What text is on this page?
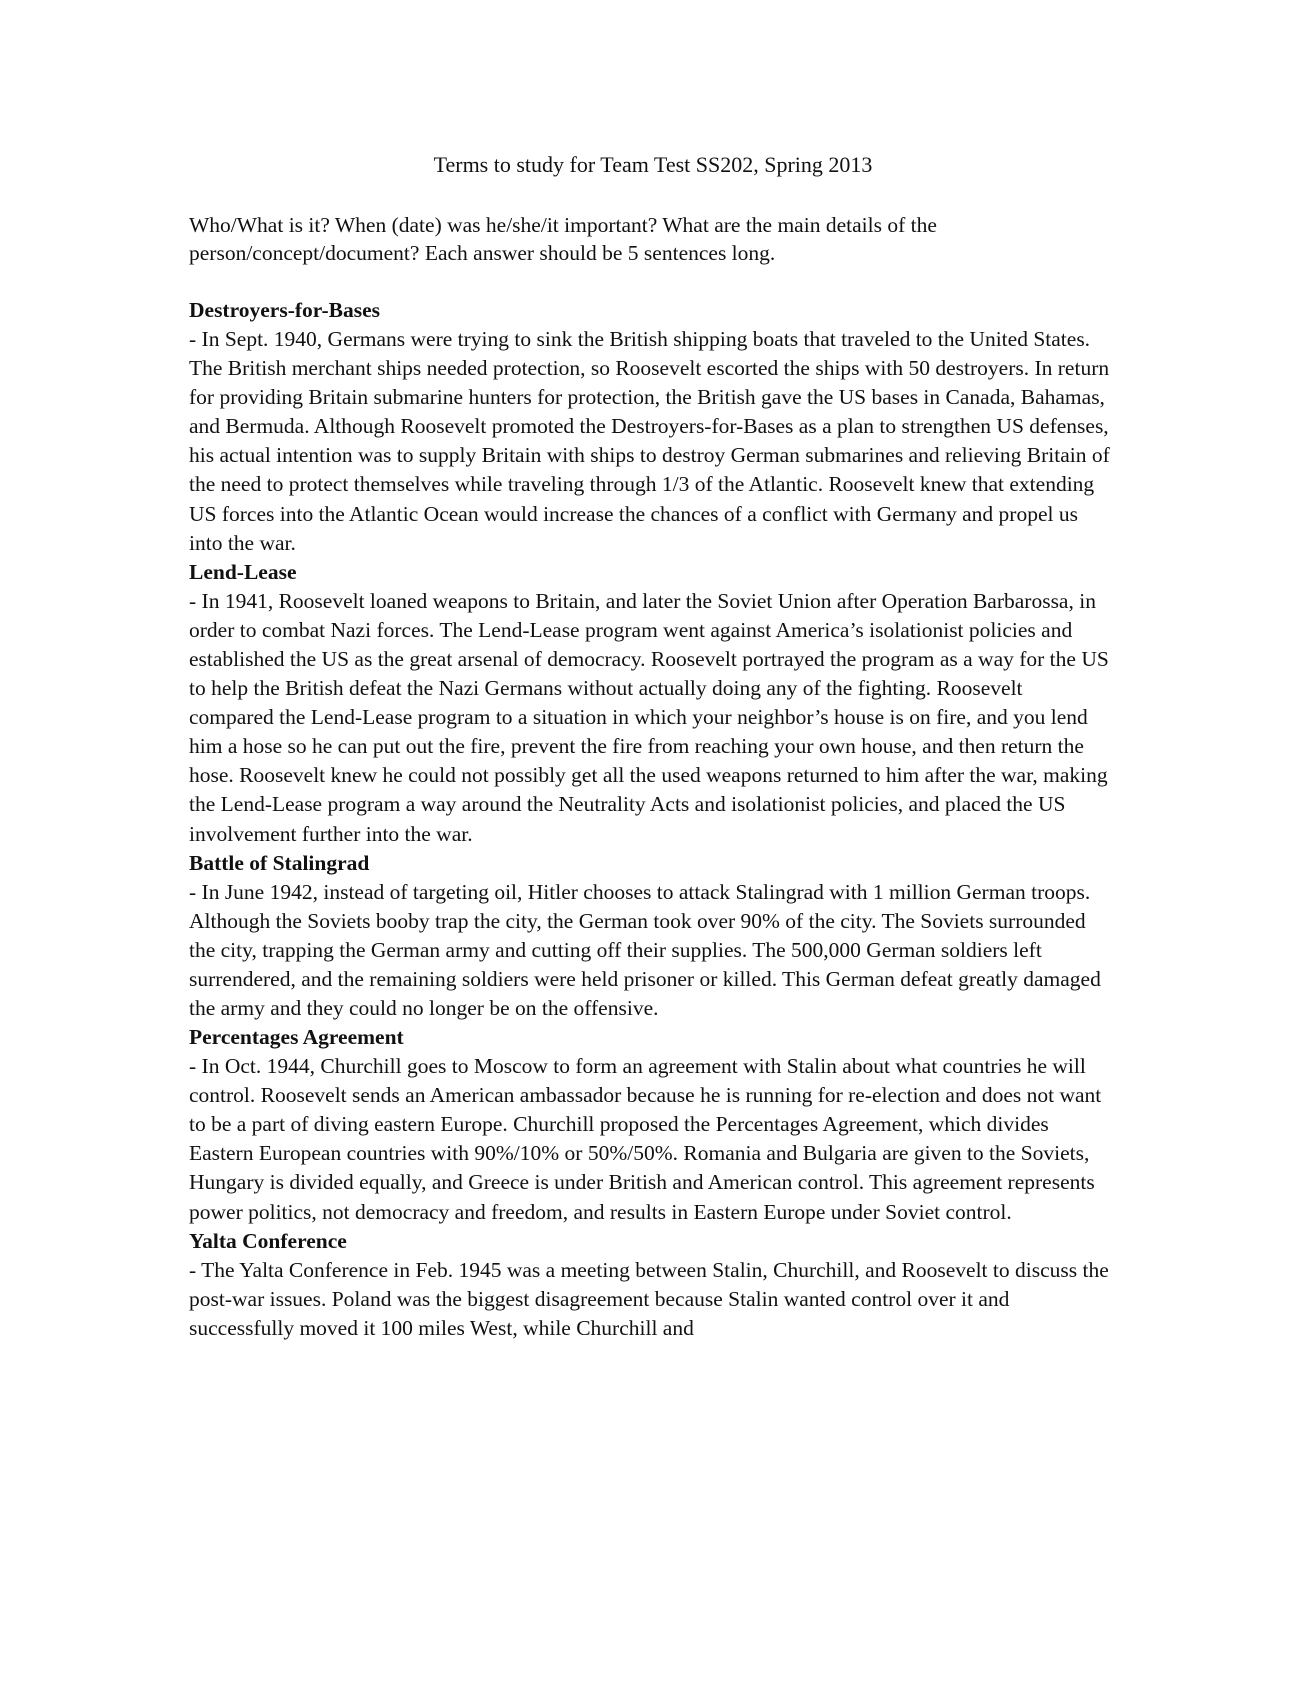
Terms to study for Team Test SS202, Spring 2013

Who/What is it? When (date) was he/she/it important? What are the main details of the person/concept/document? Each answer should be 5 sentences long.

Destroyers-for-Bases

- In Sept. 1940, Germans were trying to sink the British shipping boats that traveled to the United States. The British merchant ships needed protection, so Roosevelt escorted the ships with 50 destroyers. In return for providing Britain submarine hunters for protection, the British gave the US bases in Canada, Bahamas, and Bermuda. Although Roosevelt promoted the Destroyers-for-Bases as a plan to strengthen US defenses, his actual intention was to supply Britain with ships to destroy German submarines and relieving Britain of the need to protect themselves while traveling through 1/3 of the Atlantic. Roosevelt knew that extending US forces into the Atlantic Ocean would increase the chances of a conflict with Germany and propel us into the war.

Lend-Lease

- In 1941, Roosevelt loaned weapons to Britain, and later the Soviet Union after Operation Barbarossa, in order to combat Nazi forces. The Lend-Lease program went against America’s isolationist policies and established the US as the great arsenal of democracy. Roosevelt portrayed the program as a way for the US to help the British defeat the Nazi Germans without actually doing any of the fighting. Roosevelt compared the Lend-Lease program to a situation in which your neighbor’s house is on fire, and you lend him a hose so he can put out the fire, prevent the fire from reaching your own house, and then return the hose. Roosevelt knew he could not possibly get all the used weapons returned to him after the war, making the Lend-Lease program a way around the Neutrality Acts and isolationist policies, and placed the US involvement further into the war.

Battle of Stalingrad

- In June 1942, instead of targeting oil, Hitler chooses to attack Stalingrad with 1 million German troops. Although the Soviets booby trap the city, the German took over 90% of the city. The Soviets surrounded the city, trapping the German army and cutting off their supplies. The 500,000 German soldiers left surrendered, and the remaining soldiers were held prisoner or killed. This German defeat greatly damaged the army and they could no longer be on the offensive.

Percentages Agreement

- In Oct. 1944, Churchill goes to Moscow to form an agreement with Stalin about what countries he will control. Roosevelt sends an American ambassador because he is running for re-election and does not want to be a part of diving eastern Europe. Churchill proposed the Percentages Agreement, which divides Eastern European countries with 90%/10% or 50%/50%. Romania and Bulgaria are given to the Soviets, Hungary is divided equally, and Greece is under British and American control. This agreement represents power politics, not democracy and freedom, and results in Eastern Europe under Soviet control.

Yalta Conference

- The Yalta Conference in Feb. 1945 was a meeting between Stalin, Churchill, and Roosevelt to discuss the post-war issues. Poland was the biggest disagreement because Stalin wanted control over it and successfully moved it 100 miles West, while Churchill and
